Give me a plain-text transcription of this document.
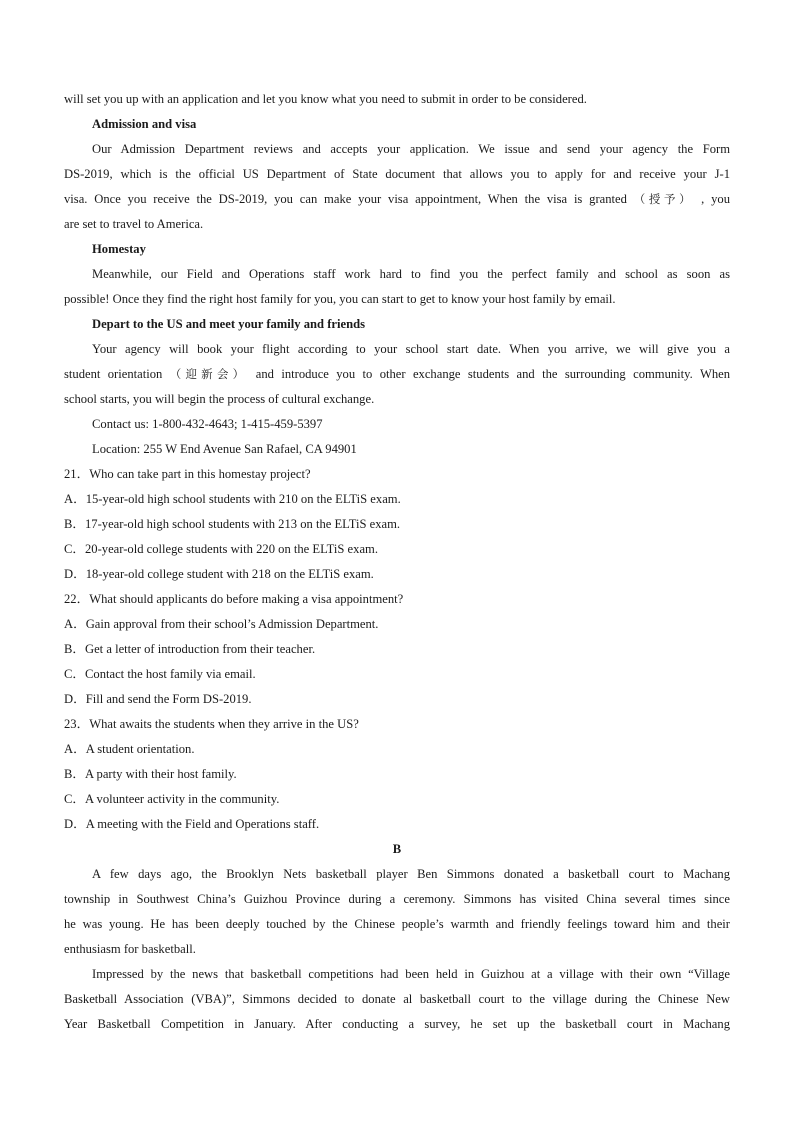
will set you up with an application and let you know what you need to submit in order to be considered.
Admission and visa
Our Admission Department reviews and accepts your application. We issue and send your agency the Form
DS-2019, which is the official US Department of State document that allows you to apply for and receive your J-1
visa. Once you receive the DS-2019, you can make your visa appointment, When the visa is granted （授予） , you
are set to travel to America.
Homestay
Meanwhile, our Field and Operations staff work hard to find you the perfect family and school as soon as
possible! Once they find the right host family for you, you can start to get to know your host family by email.
Depart to the US and meet your family and friends
Your agency will book your flight according to your school start date. When you arrive, we will give you a
student orientation （迎新会） and introduce you to other exchange students and the surrounding community. When
school starts, you will begin the process of cultural exchange.
Contact us: 1-800-432-4643; 1-415-459-5397
Location: 255 W End Avenue San Rafael, CA 94901
21．Who can take part in this homestay project?
A．15-year-old high school students with 210 on the ELTiS exam.
B．17-year-old high school students with 213 on the ELTiS exam.
C．20-year-old college students with 220 on the ELTiS exam.
D．18-year-old college student with 218 on the ELTiS exam.
22．What should applicants do before making a visa appointment?
A．Gain approval from their school’s Admission Department.
B．Get a letter of introduction from their teacher.
C．Contact the host family via email.
D．Fill and send the Form DS-2019.
23．What awaits the students when they arrive in the US?
A．A student orientation.
B．A party with their host family.
C．A volunteer activity in the community.
D．A meeting with the Field and Operations staff.
B
A few days ago, the Brooklyn Nets basketball player Ben Simmons donated a basketball court to Machang
township in Southwest China’s Guizhou Province during a ceremony. Simmons has visited China several times since
he was young. He has been deeply touched by the Chinese people’s warmth and friendly feelings toward him and their
enthusiasm for basketball.
Impressed by the news that basketball competitions had been held in Guizhou at a village with their own “Village
Basketball Association (VBA)”, Simmons decided to donate al basketball court to the village during the Chinese New
Year Basketball Competition in January. After conducting a survey, he set up the basketball court in Machang
